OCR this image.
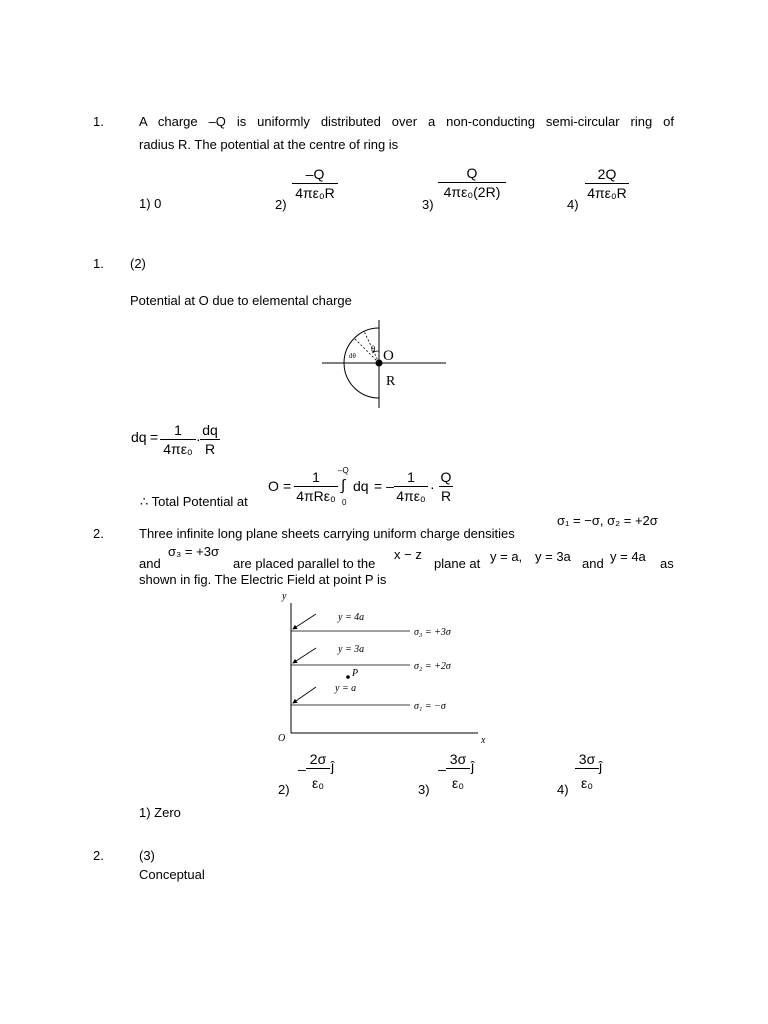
1.	A charge –Q is uniformly distributed over a non-conducting semi-circular ring of
radius R. The potential at the centre of ring is
1) 0	2)
–Q
4πε₀R
3)
Q
4πε₀(2R)
4)
2Q
4πε₀R
1. (2)
Potential at O due to elemental charge
θ
dθ O
R
dq =	1
4πε₀
·
dq
R
O =
1
4πRε₀
–Q
∫
0
dq = –
1
4πε₀
·
Q
R
∴ Total Potential at
2.	Three infinite long plane sheets carrying uniform charge densities
σ₁ = −σ, σ₂ = +2σ
and
σ₃ = +3σ
are placed parallel to the
x − z
plane at y = a, y = 3a and y = 4a as
shown in fig. The Electric Field at point P is
y
O	x
y = 4a
σ₃ = +3σ
y = 3a
σ₂ = +2σ
y = a
σ₁ = −σ
P
2)
–
2σ
ε₀
ĵ
3)
–
3σ
ε₀
ĵ
4)
3σ
ε₀
ĵ
1) Zero
2.	(3)
Conceptual
